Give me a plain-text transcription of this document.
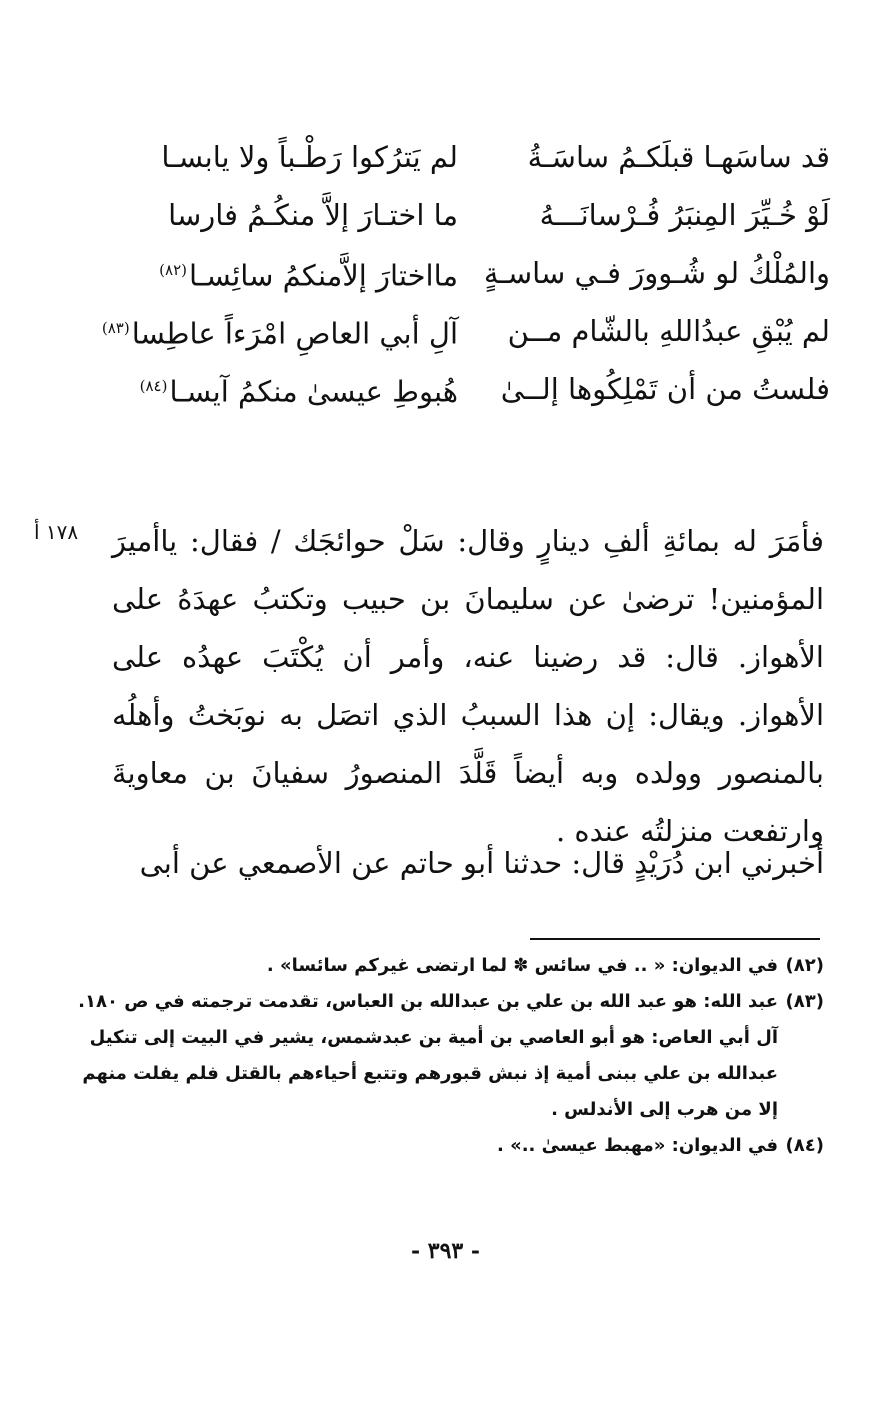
قد ساسَهـا قبلَكـمُ ساسَـةُ
لم يَترُكوا رَطْـباً ولا يابسـا
لَوْ خُـيِّرَ المِنبَرُ فُـرْسانَـــهُ
ما اختـارَ إلاَّ منكُـمُ فارسا
والمُلْكُ لو شُـوورَ فـي ساسـةٍ
مااختارَ إلاَّمنكمُ سائِسـا$^{(٨٢)}$
لم يُبْقِ عبدُاللهِ بالشّام مــن
آلِ أبي العاصِ امْرَءاً عاطِسا$^{(٨٣)}$
فلستُ من أن تَمْلِكُوها إلــىٰ
هُبوطِ عيسىٰ منكمُ آيسـا$^{(٨٤)}$
١٧٨ أ فأمَرَ له بمائةِ ألفِ دينارٍ وقال: سَلْ حوائجَك / فقال: ياأميرَ المؤمنين! ترضىٰ عن سليمانَ بن حبيب وتكتبُ عهدَهُ على الأهواز. قال: قد رضينا عنه، وأمر أن يُكْتَبَ عهدُه على الأهواز. ويقال: إن هذا السببُ الذي اتصَل به نوبَختُ وأهلُه بالمنصور وولده وبه أيضاً قَلَّدَ المنصورُ سفيانَ بن معاويةَ وارتفعت منزلتُه عنده .

أخبرني ابن دُرَيْدٍ قال: حدثنا أبو حاتم عن الأصمعي عن أبى

(٨٢)
في الديوان: « .. في سائس ✽ لما ارتضى غيركم سائسا» .
(٨٣)
عبد الله: هو عبد الله بن علي بن عبدالله بن العباس، تقدمت ترجمته في ص ١٨٠.
آل أبي العاص: هو أبو العاصي بن أمية بن عبدشمس، يشير في البيت إلى تنكيل
عبدالله بن علي ببنى أمية إذ نبش قبورهم وتتبع أحياءهم بالقتل فلم يفلت منهم
إلا من هرب إلى الأندلس .
(٨٤)
في الديوان: «مهبط عيسىٰ ..» .
- ٣٩٣ -
